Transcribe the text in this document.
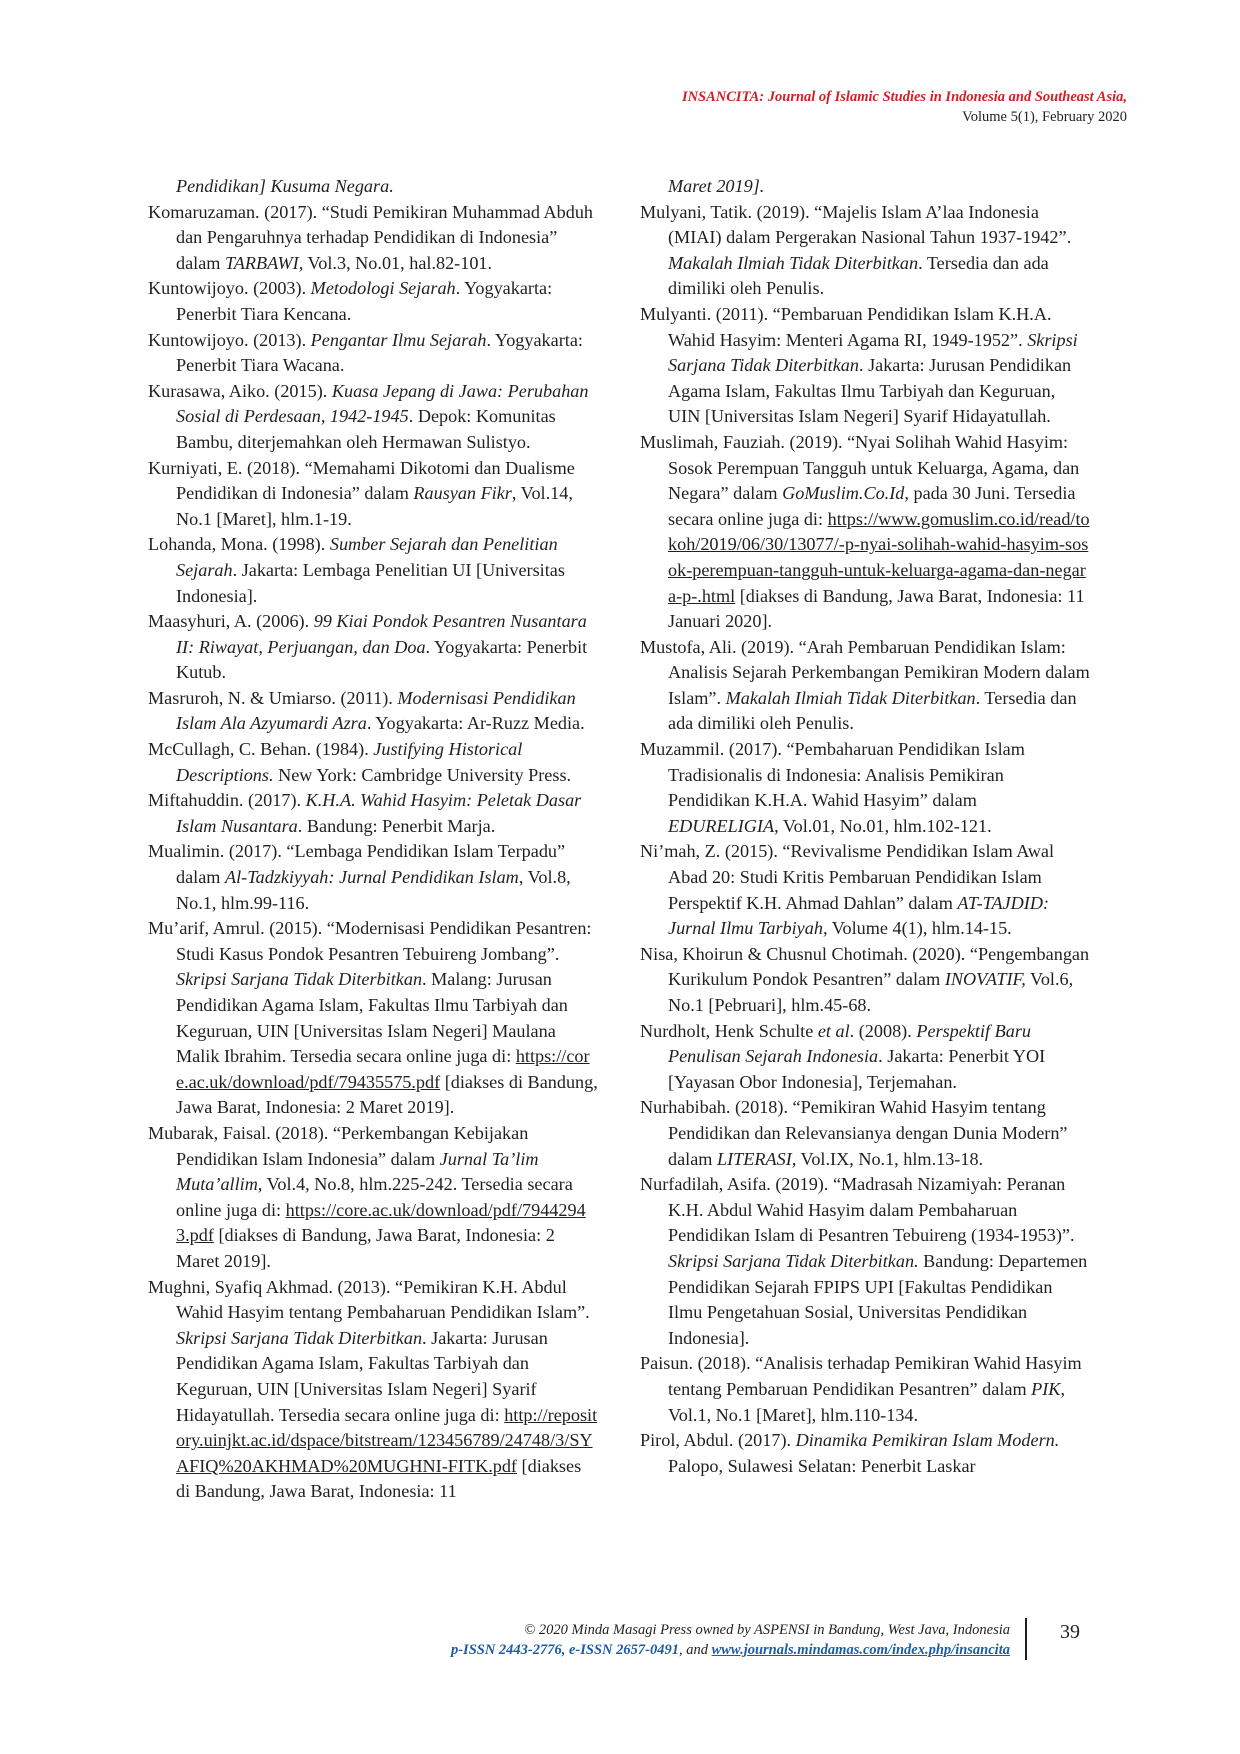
INSANCITA: Journal of Islamic Studies in Indonesia and Southeast Asia,
Volume 5(1), February 2020

Pendidikan] Kusuma Negara.

Komaruzaman. (2017). “Studi Pemikiran Muhammad Abduh dan Pengaruhnya terhadap Pendidikan di Indonesia” dalam TARBAWI, Vol.3, No.01, hal.82-101.

Kuntowijoyo. (2003). Metodologi Sejarah. Yogyakarta: Penerbit Tiara Kencana.

Kuntowijoyo. (2013). Pengantar Ilmu Sejarah. Yogyakarta: Penerbit Tiara Wacana.

Kurasawa, Aiko. (2015). Kuasa Jepang di Jawa: Perubahan Sosial di Perdesaan, 1942-1945. Depok: Komunitas Bambu, diterjemahkan oleh Hermawan Sulistyo.

Kurniyati, E. (2018). “Memahami Dikotomi dan Dualisme Pendidikan di Indonesia” dalam Rausyan Fikr, Vol.14, No.1 [Maret], hlm.1-19.

Lohanda, Mona. (1998). Sumber Sejarah dan Penelitian Sejarah. Jakarta: Lembaga Penelitian UI [Universitas Indonesia].

Maasyhuri, A. (2006). 99 Kiai Pondok Pesantren Nusantara II: Riwayat, Perjuangan, dan Doa. Yogyakarta: Penerbit Kutub.

Masruroh, N. & Umiarso. (2011). Modernisasi Pendidikan Islam Ala Azyumardi Azra. Yogyakarta: Ar-Ruzz Media.

McCullagh, C. Behan. (1984). Justifying Historical Descriptions. New York: Cambridge University Press.

Miftahuddin. (2017). K.H.A. Wahid Hasyim: Peletak Dasar Islam Nusantara. Bandung: Penerbit Marja.

Mualimin. (2017). “Lembaga Pendidikan Islam Terpadu” dalam Al-Tadzkiyyah: Jurnal Pendidikan Islam, Vol.8, No.1, hlm.99-116.

Mu’arif, Amrul. (2015). “Modernisasi Pendidikan Pesantren: Studi Kasus Pondok Pesantren Tebuireng Jombang”. Skripsi Sarjana Tidak Diterbitkan. Malang: Jurusan Pendidikan Agama Islam, Fakultas Ilmu Tarbiyah dan Keguruan, UIN [Universitas Islam Negeri] Maulana Malik Ibrahim. Tersedia secara online juga di: https://core.ac.uk/download/pdf/79435575.pdf [diakses di Bandung, Jawa Barat, Indonesia: 2 Maret 2019].

Mubarak, Faisal. (2018). “Perkembangan Kebijakan Pendidikan Islam Indonesia” dalam Jurnal Ta’lim Muta’allim, Vol.4, No.8, hlm.225-242. Tersedia secara online juga di: https://core.ac.uk/download/pdf/79442943.pdf [diakses di Bandung, Jawa Barat, Indonesia: 2 Maret 2019].

Mughni, Syafiq Akhmad. (2013). “Pemikiran K.H. Abdul Wahid Hasyim tentang Pembaharuan Pendidikan Islam”. Skripsi Sarjana Tidak Diterbitkan. Jakarta: Jurusan Pendidikan Agama Islam, Fakultas Tarbiyah dan Keguruan, UIN [Universitas Islam Negeri] Syarif Hidayatullah. Tersedia secara online juga di: http://repository.uinjkt.ac.id/dspace/bitstream/123456789/24748/3/SYAFIQ%20AKHMAD%20MUGHNI-FITK.pdf [diakses di Bandung, Jawa Barat, Indonesia: 11

Maret 2019].

Mulyani, Tatik. (2019). “Majelis Islam A’laa Indonesia (MIAI) dalam Pergerakan Nasional Tahun 1937-1942”. Makalah Ilmiah Tidak Diterbitkan. Tersedia dan ada dimiliki oleh Penulis.

Mulyanti. (2011). “Pembaruan Pendidikan Islam K.H.A. Wahid Hasyim: Menteri Agama RI, 1949-1952”. Skripsi Sarjana Tidak Diterbitkan. Jakarta: Jurusan Pendidikan Agama Islam, Fakultas Ilmu Tarbiyah dan Keguruan, UIN [Universitas Islam Negeri] Syarif Hidayatullah.

Muslimah, Fauziah. (2019). “Nyai Solihah Wahid Hasyim: Sosok Perempuan Tangguh untuk Keluarga, Agama, dan Negara” dalam GoMuslim.Co.Id, pada 30 Juni. Tersedia secara online juga di: https://www.gomuslim.co.id/read/tokoh/2019/06/30/13077/-p-nyai-solihah-wahid-hasyim-sosok-perempuan-tangguh-untuk-keluarga-agama-dan-negara-p-.html [diakses di Bandung, Jawa Barat, Indonesia: 11 Januari 2020].

Mustofa, Ali. (2019). “Arah Pembaruan Pendidikan Islam: Analisis Sejarah Perkembangan Pemikiran Modern dalam Islam”. Makalah Ilmiah Tidak Diterbitkan. Tersedia dan ada dimiliki oleh Penulis.

Muzammil. (2017). “Pembaharuan Pendidikan Islam Tradisionalis di Indonesia: Analisis Pemikiran Pendidikan K.H.A. Wahid Hasyim” dalam EDURELIGIA, Vol.01, No.01, hlm.102-121.

Ni’mah, Z. (2015). “Revivalisme Pendidikan Islam Awal Abad 20: Studi Kritis Pembaruan Pendidikan Islam Perspektif K.H. Ahmad Dahlan” dalam AT-TAJDID: Jurnal Ilmu Tarbiyah, Volume 4(1), hlm.14-15.

Nisa, Khoirun & Chusnul Chotimah. (2020). “Pengembangan Kurikulum Pondok Pesantren” dalam INOVATIF, Vol.6, No.1 [Pebruari], hlm.45-68.

Nurdholt, Henk Schulte et al. (2008). Perspektif Baru Penulisan Sejarah Indonesia. Jakarta: Penerbit YOI [Yayasan Obor Indonesia], Terjemahan.

Nurhabibah. (2018). “Pemikiran Wahid Hasyim tentang Pendidikan dan Relevansianya dengan Dunia Modern” dalam LITERASI, Vol.IX, No.1, hlm.13-18.

Nurfadilah, Asifa. (2019). “Madrasah Nizamiyah: Peranan K.H. Abdul Wahid Hasyim dalam Pembaharuan Pendidikan Islam di Pesantren Tebuireng (1934-1953)”. Skripsi Sarjana Tidak Diterbitkan. Bandung: Departemen Pendidikan Sejarah FPIPS UPI [Fakultas Pendidikan Ilmu Pengetahuan Sosial, Universitas Pendidikan Indonesia].

Paisun. (2018). “Analisis terhadap Pemikiran Wahid Hasyim tentang Pembaruan Pendidikan Pesantren” dalam PIK, Vol.1, No.1 [Maret], hlm.110-134.

Pirol, Abdul. (2017). Dinamika Pemikiran Islam Modern. Palopo, Sulawesi Selatan: Penerbit Laskar

© 2020 Minda Masagi Press owned by ASPENSI in Bandung, West Java, Indonesia
p-ISSN 2443-2776, e-ISSN 2657-0491, and www.journals.mindamas.com/index.php/insancita
39
